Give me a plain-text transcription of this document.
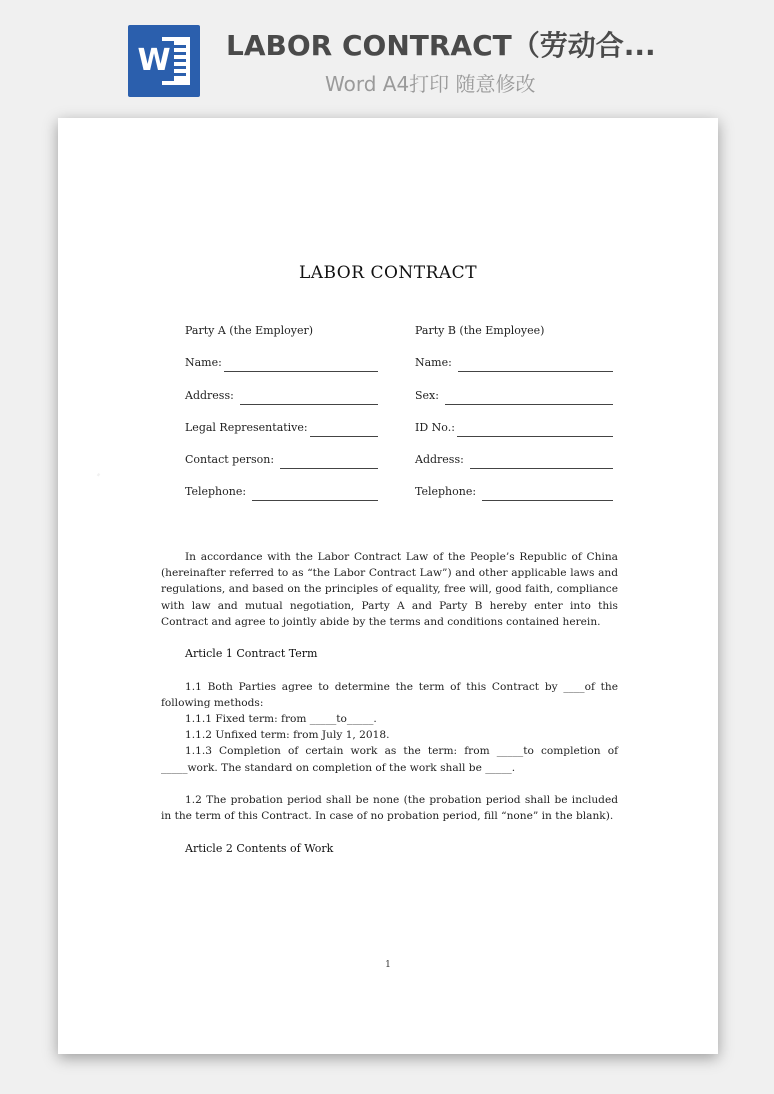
W LABOR CONTRACT（劳动合...
Word A4打印 随意修改
.
LABOR CONTRACT
Party A (the Employer)
Name:
Address:
Legal Representative:
Contact person:
Telephone:
Party B (the Employee)
Name:
Sex:
ID No.:
Address:
Telephone:

In accordance with the Labor Contract Law of the People’s Republic of China (hereinafter referred to as “the Labor Contract Law”) and other applicable laws and regulations, and based on the principles of equality, free will, good faith, compliance with law and mutual negotiation, Party A and Party B hereby enter into this Contract and agree to jointly abide by the terms and conditions contained herein.

Article 1 Contract Term

1.1 Both Parties agree to determine the term of this Contract by ____of the following methods:

1.1.1 Fixed term: from _____to_____.

1.1.2 Unfixed term: from July 1, 2018.

1.1.3 Completion of certain work as the term: from _____to completion of _____work. The standard on completion of the work shall be _____.

1.2 The probation period shall be none (the probation period shall be included in the term of this Contract. In case of no probation period, fill “none” in the blank).

Article 2 Contents of Work

1
